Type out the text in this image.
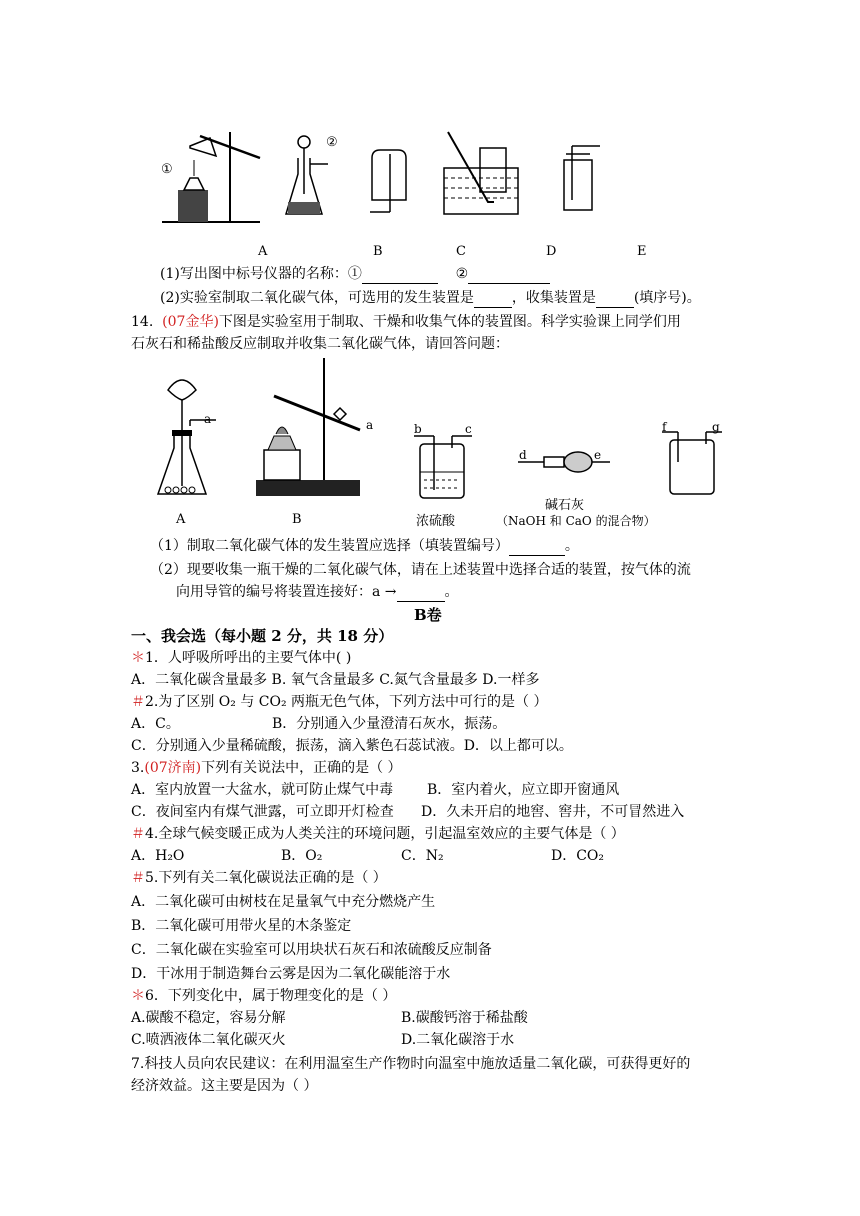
①
②
A	B	C	D	E
(1)写出图中标号仪器的名称：①	②
(2)实验室制取二氧化碳气体，可选用的发生装置是	，收集装置是	(填序号)。
14. (07金华)下图是实验室用于制取、干燥和收集气体的装置图。科学实验课上同学们用
石灰石和稀盐酸反应制取并收集二氧化碳气体，请回答问题：
a	a	b	c
浓硫酸
d	e
碱石灰
（NaOH 和 CaO 的混合物）
f	g
A	B
（1）制取二氧化碳气体的发生装置应选择（填装置编号）	。
（2）现要收集一瓶干燥的二氧化碳气体，请在上述装置中选择合适的装置，按气体的流
向用导管的编号将装置连接好：a →	。
B卷
一、我会选（每小题 2 分，共 18 分）
＊1．人呼吸所呼出的主要气体中( )
A．二氧化碳含量最多 B. 氧气含量最多 C.氮气含量最多 D.一样多
＃2.为了区别 O₂ 与 CO₂ 两瓶无色气体，下列方法中可行的是（ ）
A．C。	B．分别通入少量澄清石灰水，振荡。
C．分别通入少量稀硫酸，振荡，滴入紫色石蕊试液。D．以上都可以。
3.(07济南)下列有关说法中，正确的是（ ）
A．室内放置一大盆水，就可防止煤气中毒 B．室内着火，应立即开窗通风
C．夜间室内有煤气泄露，可立即开灯检查 D．久未开启的地窖、窖井，不可冒然进入
＃4.全球气候变暖正成为人类关注的环境问题，引起温室效应的主要气体是（ ）
A．H₂O	B．O₂	C．N₂	D．CO₂
＃5.下列有关二氧化碳说法正确的是（ ）
A．二氧化碳可由树枝在足量氧气中充分燃烧产生
B．二氧化碳可用带火星的木条鉴定
C．二氧化碳在实验室可以用块状石灰石和浓硫酸反应制备
D．干冰用于制造舞台云雾是因为二氧化碳能溶于水
＊6．下列变化中，属于物理变化的是（ ）
A.碳酸不稳定，容易分解	B.碳酸钙溶于稀盐酸
C.喷洒液体二氧化碳灭火	D.二氧化碳溶于水
7.科技人员向农民建议：在利用温室生产作物时向温室中施放适量二氧化碳，可获得更好的
经济效益。这主要是因为（ ）
